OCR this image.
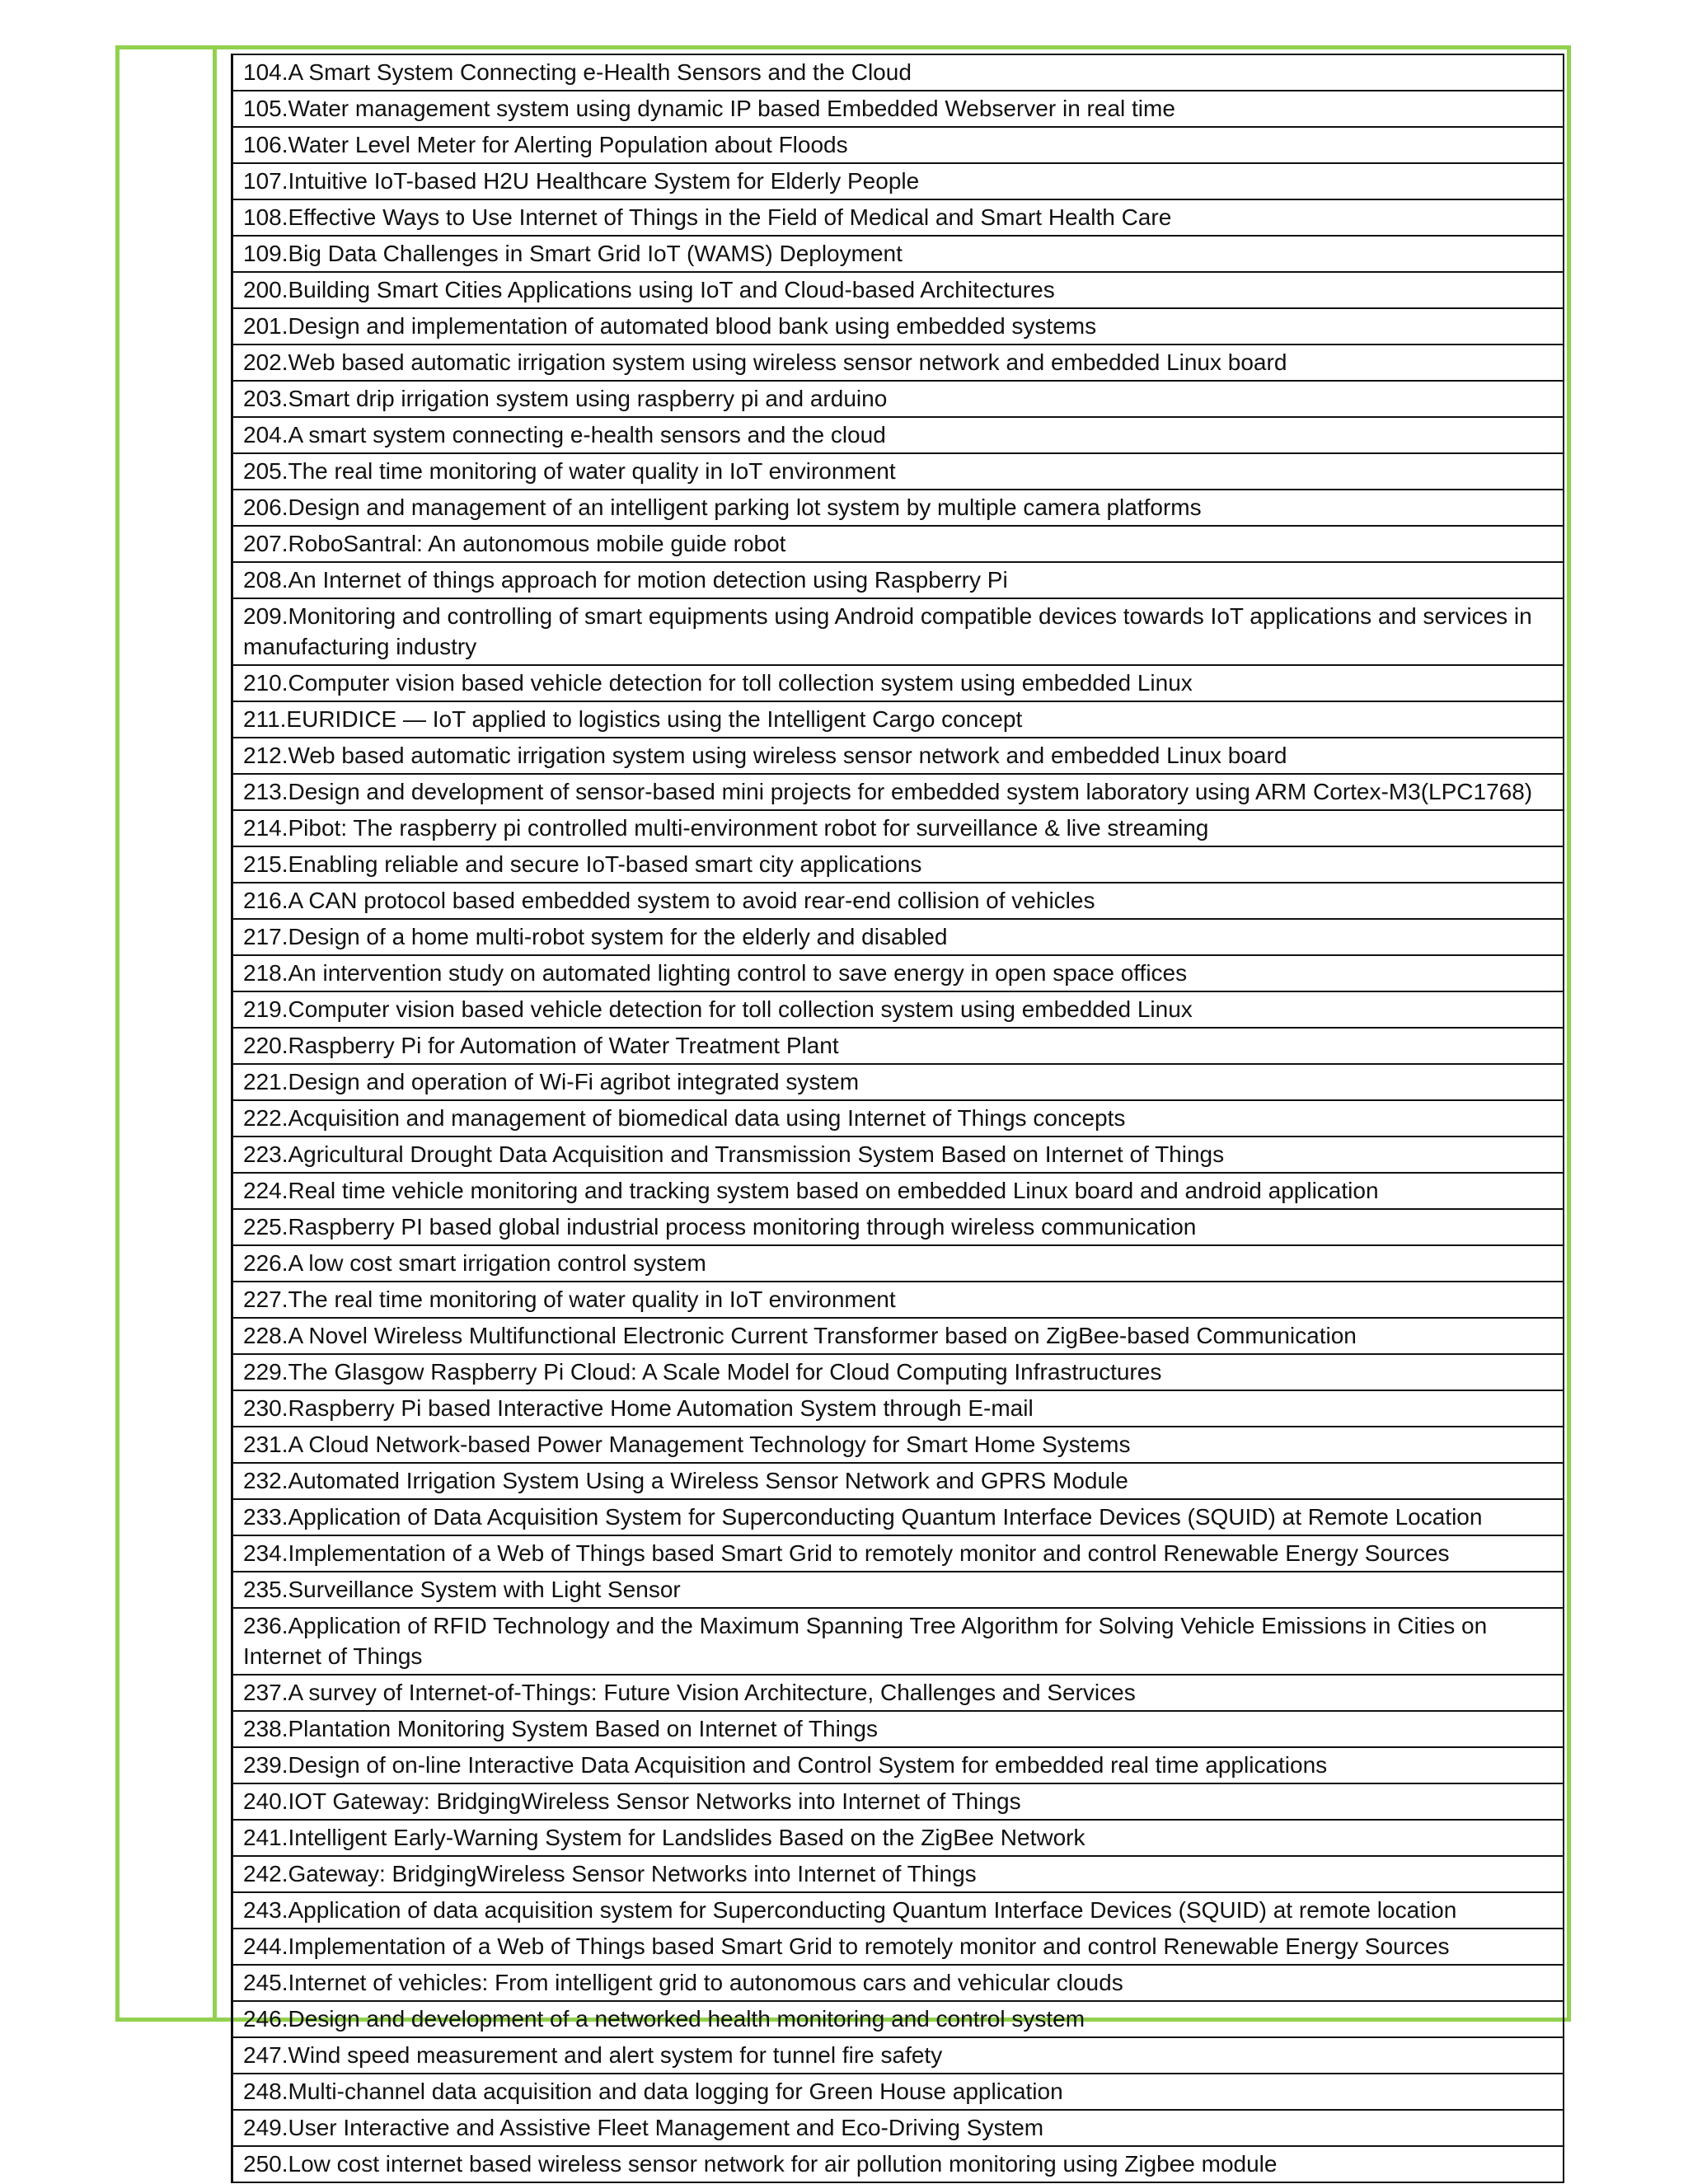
104.A Smart System Connecting e-Health Sensors and the Cloud
105.Water management system using dynamic IP based Embedded Webserver in real time
106.Water Level Meter for Alerting Population about Floods
107.Intuitive IoT-based H2U Healthcare System for Elderly People
108.Effective Ways to Use Internet of Things in the Field of Medical and Smart Health Care
109.Big Data Challenges in Smart Grid IoT (WAMS) Deployment
200.Building Smart Cities Applications using IoT and Cloud-based Architectures
201.Design and implementation of automated blood bank using embedded systems
202.Web based automatic irrigation system using wireless sensor network and embedded Linux board
203.Smart drip irrigation system using raspberry pi and arduino
204.A smart system connecting e-health sensors and the cloud
205.The real time monitoring of water quality in IoT environment
206.Design and management of an intelligent parking lot system by multiple camera platforms
207.RoboSantral: An autonomous mobile guide robot
208.An Internet of things approach for motion detection using Raspberry Pi
209.Monitoring and controlling of smart equipments using Android compatible devices towards IoT applications and services in manufacturing industry
210.Computer vision based vehicle detection for toll collection system using embedded Linux
211.EURIDICE — IoT applied to logistics using the Intelligent Cargo concept
212.Web based automatic irrigation system using wireless sensor network and embedded Linux board
213.Design and development of sensor-based mini projects for embedded system laboratory using ARM Cortex-M3(LPC1768)
214.Pibot: The raspberry pi controlled multi-environment robot for surveillance & live streaming
215.Enabling reliable and secure IoT-based smart city applications
216.A CAN protocol based embedded system to avoid rear-end collision of vehicles
217.Design of a home multi-robot system for the elderly and disabled
218.An intervention study on automated lighting control to save energy in open space offices
219.Computer vision based vehicle detection for toll collection system using embedded Linux
220.Raspberry Pi for Automation of Water Treatment Plant
221.Design and operation of Wi-Fi agribot integrated system
222.Acquisition and management of biomedical data using Internet of Things concepts
223.Agricultural Drought Data Acquisition and Transmission System Based on Internet of Things
224.Real time vehicle monitoring and tracking system based on embedded Linux board and android application
225.Raspberry PI based global industrial process monitoring through wireless communication
226.A low cost smart irrigation control system
227.The real time monitoring of water quality in IoT environment
228.A Novel Wireless Multifunctional Electronic Current Transformer based on ZigBee-based Communication
229.The Glasgow Raspberry Pi Cloud: A Scale Model for Cloud Computing Infrastructures
230.Raspberry Pi based Interactive Home Automation System through E-mail
231.A Cloud Network-based Power Management Technology for Smart Home Systems
232.Automated Irrigation System Using a Wireless Sensor Network and GPRS Module
233.Application of Data Acquisition System for Superconducting Quantum Interface Devices (SQUID) at Remote Location
234.Implementation of a Web of Things based Smart Grid to remotely monitor and control Renewable Energy Sources
235.Surveillance System with Light Sensor
236.Application of RFID Technology and the Maximum Spanning Tree Algorithm for Solving Vehicle Emissions in Cities on Internet of Things
237.A survey of Internet-of-Things: Future Vision Architecture, Challenges and Services
238.Plantation Monitoring System Based on Internet of Things
239.Design of on-line Interactive Data Acquisition and Control System for embedded real time applications
240.IOT Gateway: BridgingWireless Sensor Networks into Internet of Things
241.Intelligent Early-Warning System for Landslides Based on the ZigBee Network
242.Gateway: BridgingWireless Sensor Networks into Internet of Things
243.Application of data acquisition system for Superconducting Quantum Interface Devices (SQUID) at remote location
244.Implementation of a Web of Things based Smart Grid to remotely monitor and control Renewable Energy Sources
245.Internet of vehicles: From intelligent grid to autonomous cars and vehicular clouds
246.Design and development of a networked health monitoring and control system
247.Wind speed measurement and alert system for tunnel fire safety
248.Multi-channel data acquisition and data logging for Green House application
249.User Interactive and Assistive Fleet Management and Eco-Driving System
250.Low cost internet based wireless sensor network for air pollution monitoring using Zigbee module
